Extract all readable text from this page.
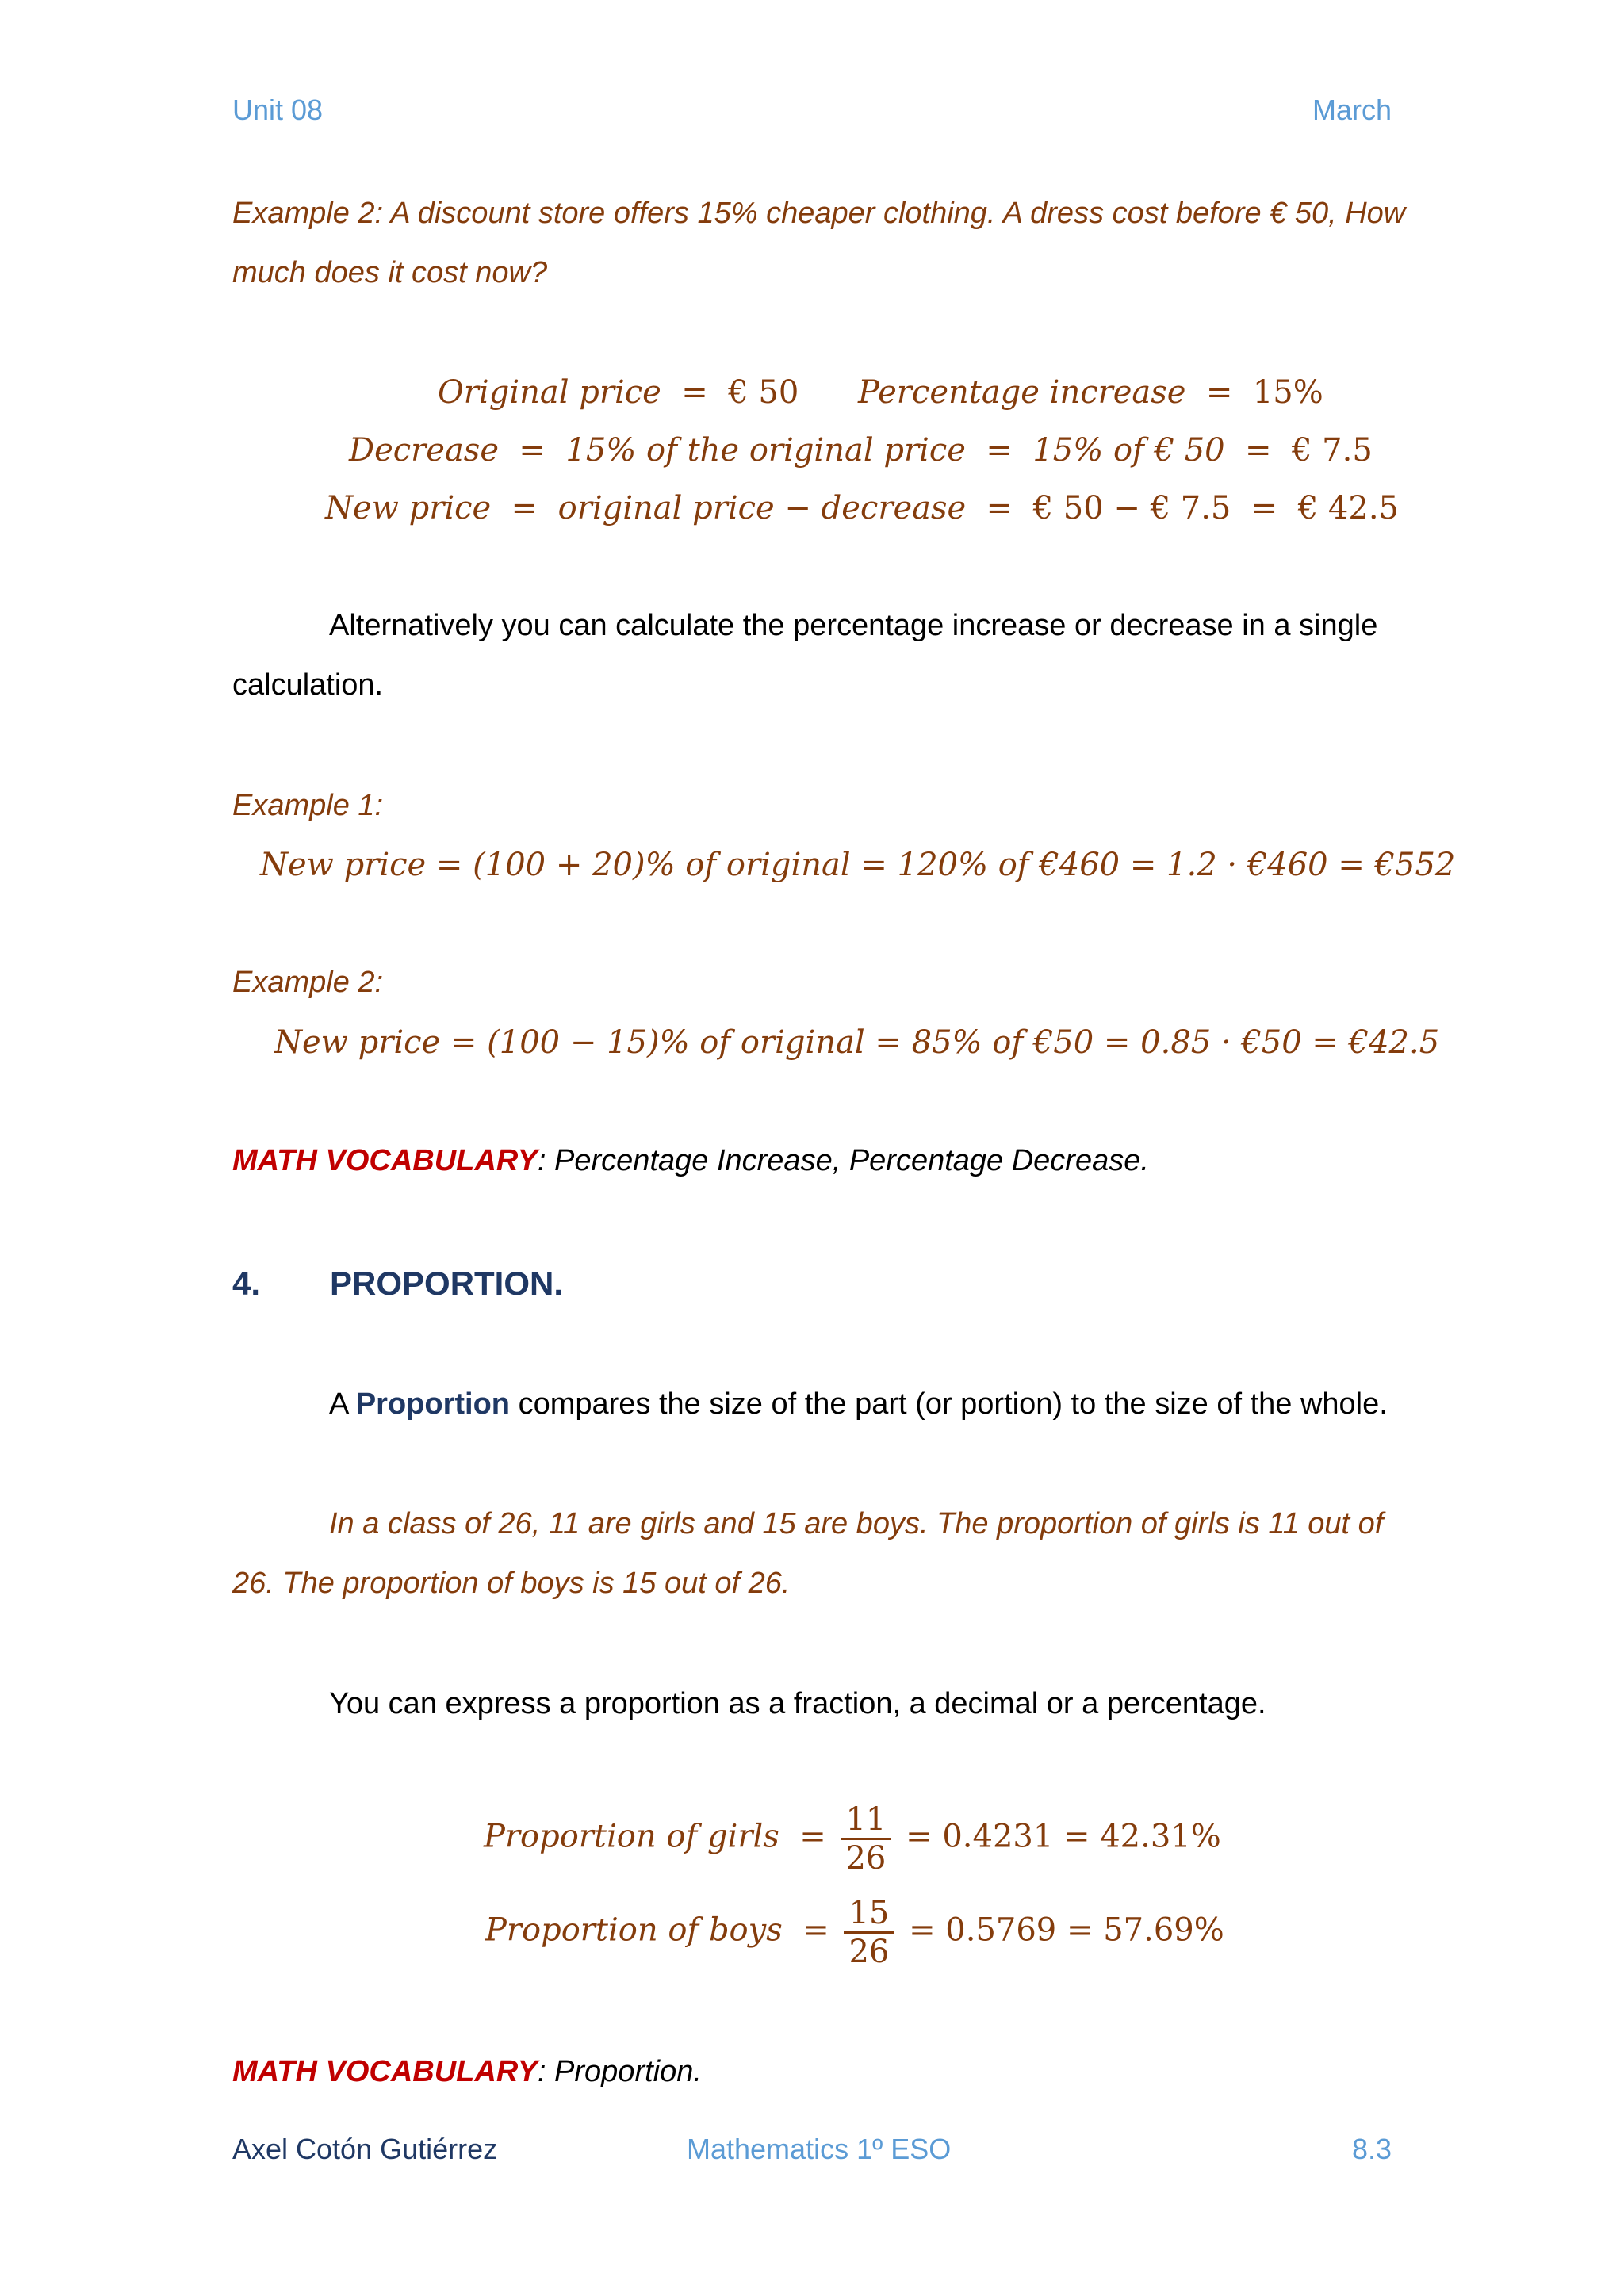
Unit 08	March
Example 2: A discount store offers 15% cheaper clothing. A dress cost before € 50, How
much does it cost now?
Original price  =  € 50 Percentage increase  =  15%
Decrease  =  15% of the original price  =  15% of € 50  =  € 7.5
New price  =  original price − decrease  =  € 50 − € 7.5  =  € 42.5
Alternatively you can calculate the percentage increase or decrease in a single
calculation.
Example 1:
New price = (100 + 20)% of original = 120% of €460 = 1.2 · €460 = €552
Example 2:
New price = (100 − 15)% of original = 85% of €50 = 0.85 · €50 = €42.5
MATH VOCABULARY: Percentage Increase, Percentage Decrease.
4. PROPORTION.
A Proportion compares the size of the part (or portion) to the size of the whole.
In a class of 26, 11 are girls and 15 are boys. The proportion of girls is 11 out of
26. The proportion of boys is 15 out of 26.
You can express a proportion as a fraction, a decimal or a percentage.
Proportion of girls  = $\frac{11}{26} = 0.4231 = 42.31\%$
Proportion of boys  = $\frac{15}{26} = 0.5769 = 57.69\%$
MATH VOCABULARY: Proportion.
Axel Cotón Gutiérrez	Mathematics 1º ESO	8.3
